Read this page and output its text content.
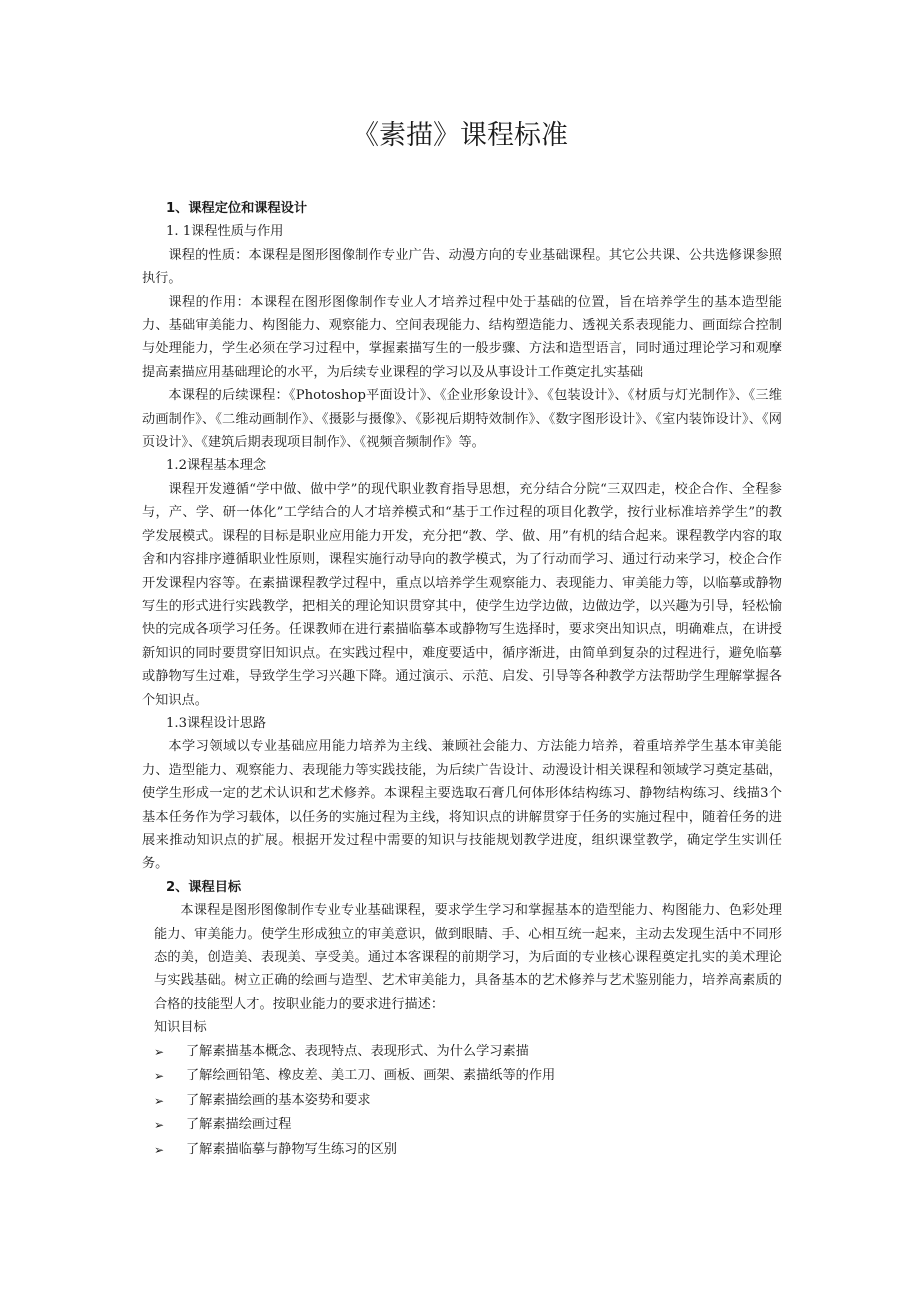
《素描》课程标准

1、课程定位和课程设计

1. 1课程性质与作用

课程的性质：本课程是图形图像制作专业广告、动漫方向的专业基础课程。其它公共课、公共选修课参照执行。

课程的作用：本课程在图形图像制作专业人才培养过程中处于基础的位置，旨在培养学生的基本造型能力、基础审美能力、构图能力、观察能力、空间表现能力、结构塑造能力、透视关系表现能力、画面综合控制与处理能力，学生必须在学习过程中，掌握素描写生的一般步骤、方法和造型语言，同时通过理论学习和观摩提高素描应用基础理论的水平，为后续专业课程的学习以及从事设计工作奠定扎实基础

本课程的后续课程：《Photoshop平面设计》、《企业形象设计》、《包装设计》、《材质与灯光制作》、《三维动画制作》、《二维动画制作》、《摄影与摄像》、《影视后期特效制作》、《数字图形设计》、《室内装饰设计》、《网页设计》、《建筑后期表现项目制作》、《视频音频制作》等。

1.2课程基本理念

课程开发遵循“学中做、做中学”的现代职业教育指导思想，充分结合分院“三双四走，校企合作、全程参与，产、学、研一体化”工学结合的人才培养模式和“基于工作过程的项目化教学，按行业标准培养学生”的教学发展模式。课程的目标是职业应用能力开发，充分把“教、学、做、用”有机的结合起来。课程教学内容的取舍和内容排序遵循职业性原则，课程实施行动导向的教学模式，为了行动而学习、通过行动来学习，校企合作开发课程内容等。在素描课程教学过程中，重点以培养学生观察能力、表现能力、审美能力等，以临摹或静物写生的形式进行实践教学，把相关的理论知识贯穿其中，使学生边学边做，边做边学，以兴趣为引导，轻松愉快的完成各项学习任务。任课教师在进行素描临摹本或静物写生选择时，要求突出知识点，明确难点，在讲授新知识的同时要贯穿旧知识点。在实践过程中，难度要适中，循序渐进，由简单到复杂的过程进行，避免临摹或静物写生过难，导致学生学习兴趣下降。通过演示、示范、启发、引导等各种教学方法帮助学生理解掌握各个知识点。

1.3课程设计思路

本学习领域以专业基础应用能力培养为主线、兼顾社会能力、方法能力培养，着重培养学生基本审美能力、造型能力、观察能力、表现能力等实践技能，为后续广告设计、动漫设计相关课程和领域学习奠定基础，使学生形成一定的艺术认识和艺术修养。本课程主要选取石膏几何体形体结构练习、静物结构练习、线描3个基本任务作为学习载体，以任务的实施过程为主线，将知识点的讲解贯穿于任务的实施过程中，随着任务的进展来推动知识点的扩展。根据开发过程中需要的知识与技能规划教学进度，组织课堂教学，确定学生实训任务。

2、课程目标

本课程是图形图像制作专业专业基础课程，要求学生学习和掌握基本的造型能力、构图能力、色彩处理能力、审美能力。使学生形成独立的审美意识，做到眼睛、手、心相互统一起来，主动去发现生活中不同形态的美，创造美、表现美、享受美。通过本客课程的前期学习，为后面的专业核心课程奠定扎实的美术理论与实践基础。树立正确的绘画与造型、艺术审美能力，具备基本的艺术修养与艺术鉴别能力，培养高素质的合格的技能型人才。按职业能力的要求进行描述：

知识目标

➢ 了解素描基本概念、表现特点、表现形式、为什么学习素描
➢ 了解绘画铅笔、橡皮差、美工刀、画板、画架、素描纸等的作用
➢ 了解素描绘画的基本姿势和要求
➢ 了解素描绘画过程
➢ 了解素描临摹与静物写生练习的区别
